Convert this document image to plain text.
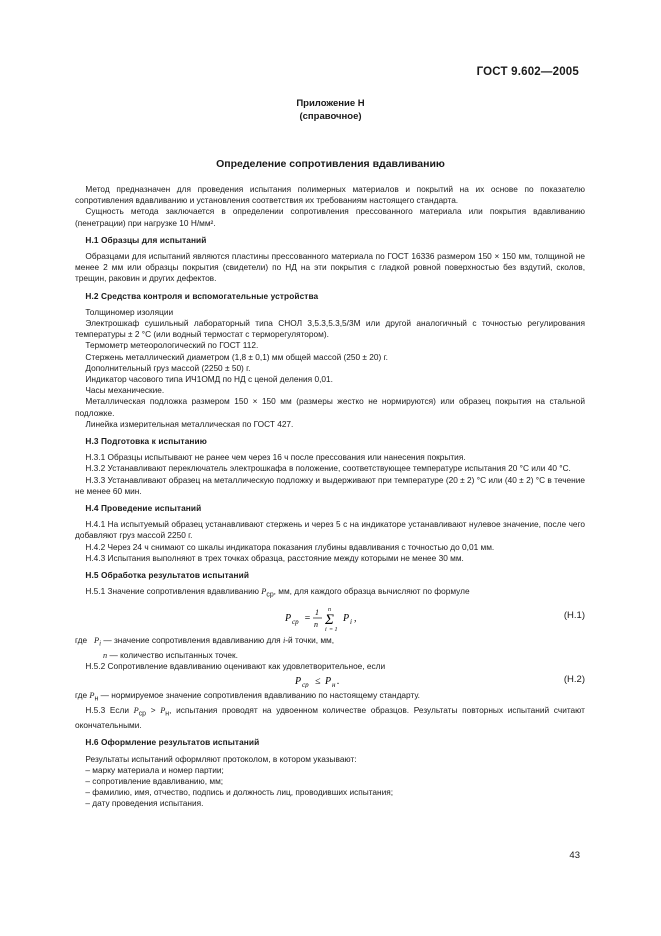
ГОСТ 9.602—2005
Приложение Н
(справочное)
Определение сопротивления вдавливанию

Метод предназначен для проведения испытания полимерных материалов и покрытий на их основе по показателю сопротивления вдавливанию и установления соответствия их требованиям настоящего стандарта.

Сущность метода заключается в определении сопротивления прессованного материала или покрытия вдавливанию (пенетрации) при нагрузке 10 Н/мм².

Н.1 Образцы для испытаний

Образцами для испытаний являются пластины прессованного материала по ГОСТ 16336 размером 150 × 150 мм, толщиной не менее 2 мм или образцы покрытия (свидетели) по НД на эти покрытия с гладкой ровной поверхностью без вздутий, сколов, трещин, раковин и других дефектов.

Н.2 Средства контроля и вспомогательные устройства

Толщиномер изоляции

Электрошкаф сушильный лабораторный типа СНОЛ 3,5.3,5.3,5/3М или другой аналогичный с точностью регулирования температуры ± 2 °С (или водный термостат с терморегулятором).

Термометр метеорологический по ГОСТ 112.

Стержень металлический диаметром (1,8 ± 0,1) мм общей массой (250 ± 20) г.

Дополнительный груз массой (2250 ± 50) г.

Индикатор часового типа ИЧ1ОМД по НД с ценой деления 0,01.

Часы механические.

Металлическая подложка размером 150 × 150 мм (размеры жестко не нормируются) или образец покрытия на стальной подложке.

Линейка измерительная металлическая по ГОСТ 427.

Н.3 Подготовка к испытанию

Н.3.1 Образцы испытывают не ранее чем через 16 ч после прессования или нанесения покрытия.

Н.3.2 Устанавливают переключатель электрошкафа в положение, соответствующее температуре испытания 20 °С или 40 °С.

Н.3.3 Устанавливают образец на металлическую подложку и выдерживают при температуре (20 ± 2) °С или (40 ± 2) °С в течение не менее 60 мин.

Н.4 Проведение испытаний

Н.4.1 На испытуемый образец устанавливают стержень и через 5 с на индикаторе устанавливают нулевое значение, после чего добавляют груз массой 2250 г.

Н.4.2 Через 24 ч снимают со шкалы индикатора показания глубины вдавливания с точностью до 0,01 мм.

Н.4.3 Испытания выполняют в трех точках образца, расстояние между которыми не менее 30 мм.

Н.5 Обработка результатов испытаний

Н.5.1 Значение сопротивления вдавливанию $P_{ср}$, мм, для каждого образца вычисляют по формуле

P ср =
1
n Σ
n
i = 1
P i ,	(Н.1)

где $P_i$ — значение сопротивления вдавливанию для i-й точки, мм,

n — количество испытанных точек.

Н.5.2 Сопротивление вдавливанию оценивают как удовлетворительное, если

P ср ≤ P н .	(Н.2)

где $P_н$ — нормируемое значение сопротивления вдавливанию по настоящему стандарту.

Н.5.3 Если $P_{ср} > P_н$, испытания проводят на удвоенном количестве образцов. Результаты повторных испытаний считают окончательными.

Н.6 Оформление результатов испытаний

Результаты испытаний оформляют протоколом, в котором указывают:

– марку материала и номер партии;

– сопротивление вдавливанию, мм;

– фамилию, имя, отчество, подпись и должность лиц, проводивших испытания;

– дату проведения испытания.

43
